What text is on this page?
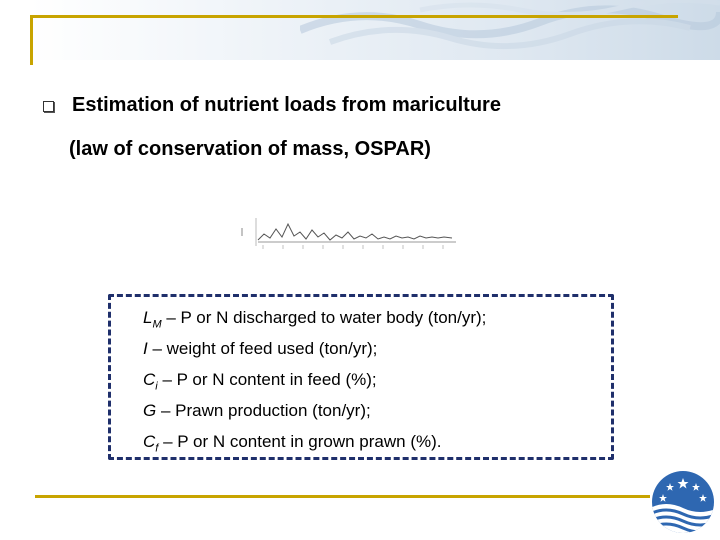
Estimation of nutrient loads from mariculture
(law of conservation of mass, OSPAR)
$L_M$ – P or N discharged to water body (ton/yr);
I – weight of feed used (ton/yr);
$C_i$ – P or N content in feed (%);
G – Prawn production (ton/yr);
$C_f$ – P or N content in grown prawn (%).
